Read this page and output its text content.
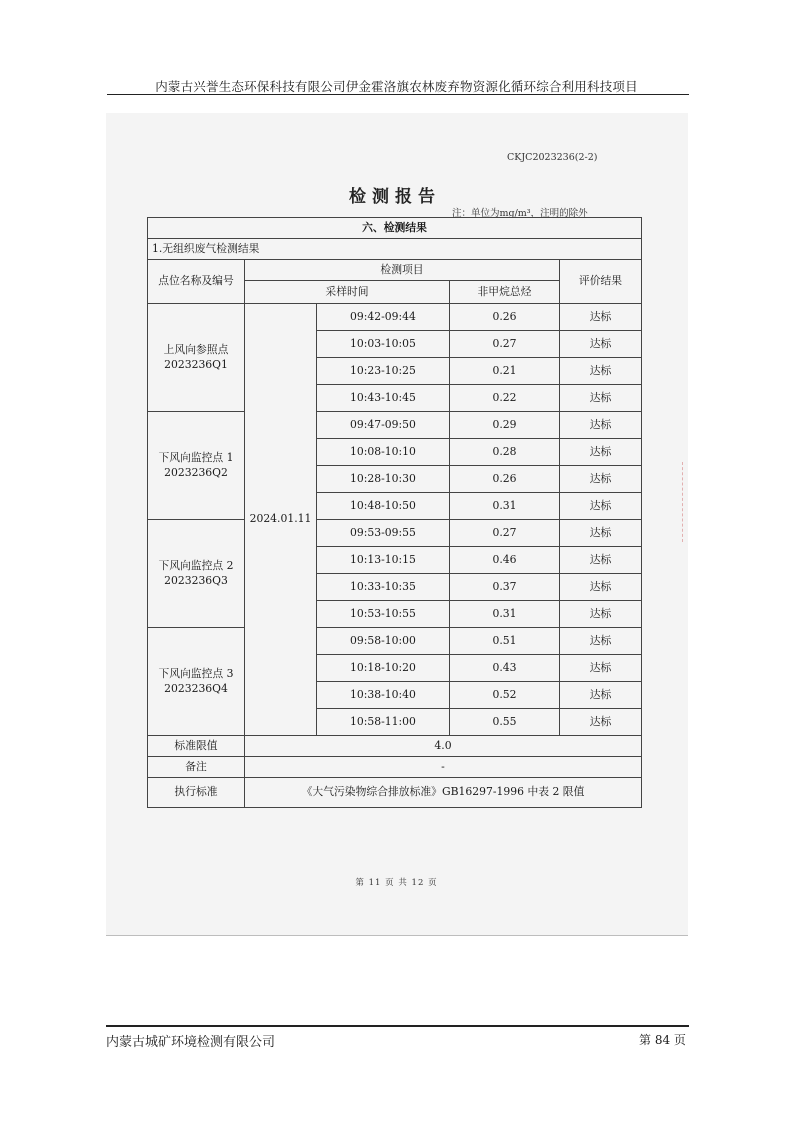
内蒙古兴誉生态环保科技有限公司伊金霍洛旗农林废弃物资源化循环综合利用科技项目
CKJC2023236(2-2)
检测报告
注：单位为mg/m³，注明的除外
六、检测结果				
1.无组织废气检测结果				
点位名称及编号	检测项目			评价结果
	采样时间		非甲烷总烃	

上风向参照点
2023236Q1	2024.01.11	09:42-09:44	0.26	达标
		10:03-10:05	0.27	达标
		10:23-10:25	0.21	达标
		10:43-10:45	0.22	达标

下风向监控点 1
2023236Q2		09:47-09:50	0.29	达标
		10:08-10:10	0.28	达标
		10:28-10:30	0.26	达标
		10:48-10:50	0.31	达标

下风向监控点 2
2023236Q3		09:53-09:55	0.27	达标
		10:13-10:15	0.46	达标
		10:33-10:35	0.37	达标
		10:53-10:55	0.31	达标

下风向监控点 3
2023236Q4		09:58-10:00	0.51	达标
		10:18-10:20	0.43	达标
		10:38-10:40	0.52	达标
		10:58-11:00	0.55	达标
标准限值	4.0			
备注	-			
执行标准	《大气污染物综合排放标准》GB16297-1996 中表 2 限值			
第 11 页 共 12 页
内蒙古城矿环境检测有限公司	第 84 页
